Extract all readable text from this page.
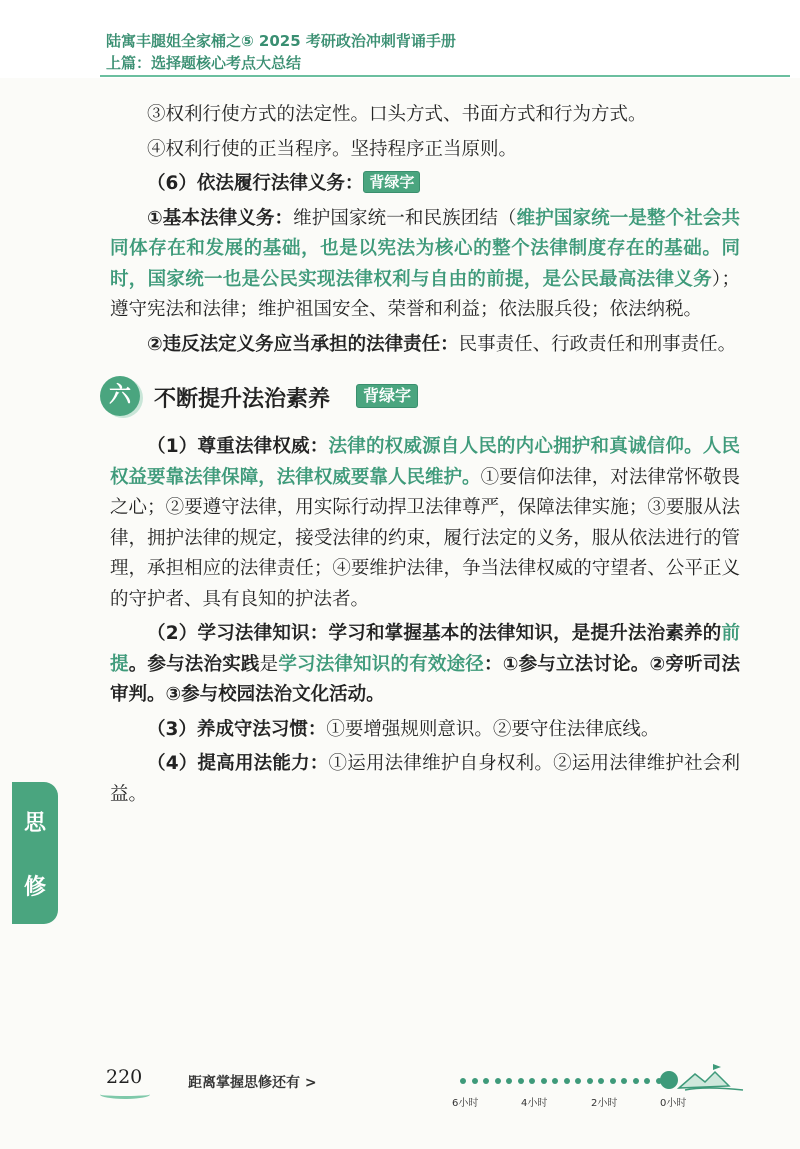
陆寓丰腿姐全家桶之⑤ 2025 考研政治冲刺背诵手册
上篇：选择题核心考点大总结

③权利行使方式的法定性。口头方式、书面方式和行为方式。

④权利行使的正当程序。坚持程序正当原则。

（6）依法履行法律义务： 背绿字

①基本法律义务：维护国家统一和民族团结（维护国家统一是整个社会共同体存在和发展的基础，也是以宪法为核心的整个法律制度存在的基础。同时，国家统一也是公民实现法律权利与自由的前提，是公民最高法律义务）；遵守宪法和法律；维护祖国安全、荣誉和利益；依法服兵役；依法纳税。

②违反法定义务应当承担的法律责任：民事责任、行政责任和刑事责任。

六	不断提升法治素养	背绿字

（1）尊重法律权威：法律的权威源自人民的内心拥护和真诚信仰。人民权益要靠法律保障，法律权威要靠人民维护。①要信仰法律，对法律常怀敬畏之心；②要遵守法律，用实际行动捍卫法律尊严，保障法律实施；③要服从法律，拥护法律的规定，接受法律的约束，履行法定的义务，服从依法进行的管理，承担相应的法律责任；④要维护法律，争当法律权威的守望者、公平正义的守护者、具有良知的护法者。

（2）学习法律知识：学习和掌握基本的法律知识，是提升法治素养的前提。参与法治实践是学习法律知识的有效途径：①参与立法讨论。②旁听司法审判。③参与校园法治文化活动。

（3）养成守法习惯：①要增强规则意识。②要守住法律底线。

（4）提高用法能力：①运用法律维护自身权利。②运用法律维护社会利益。

思
修
220	距离掌握思修还有 >
6小时	4小时	2小时	0小时
